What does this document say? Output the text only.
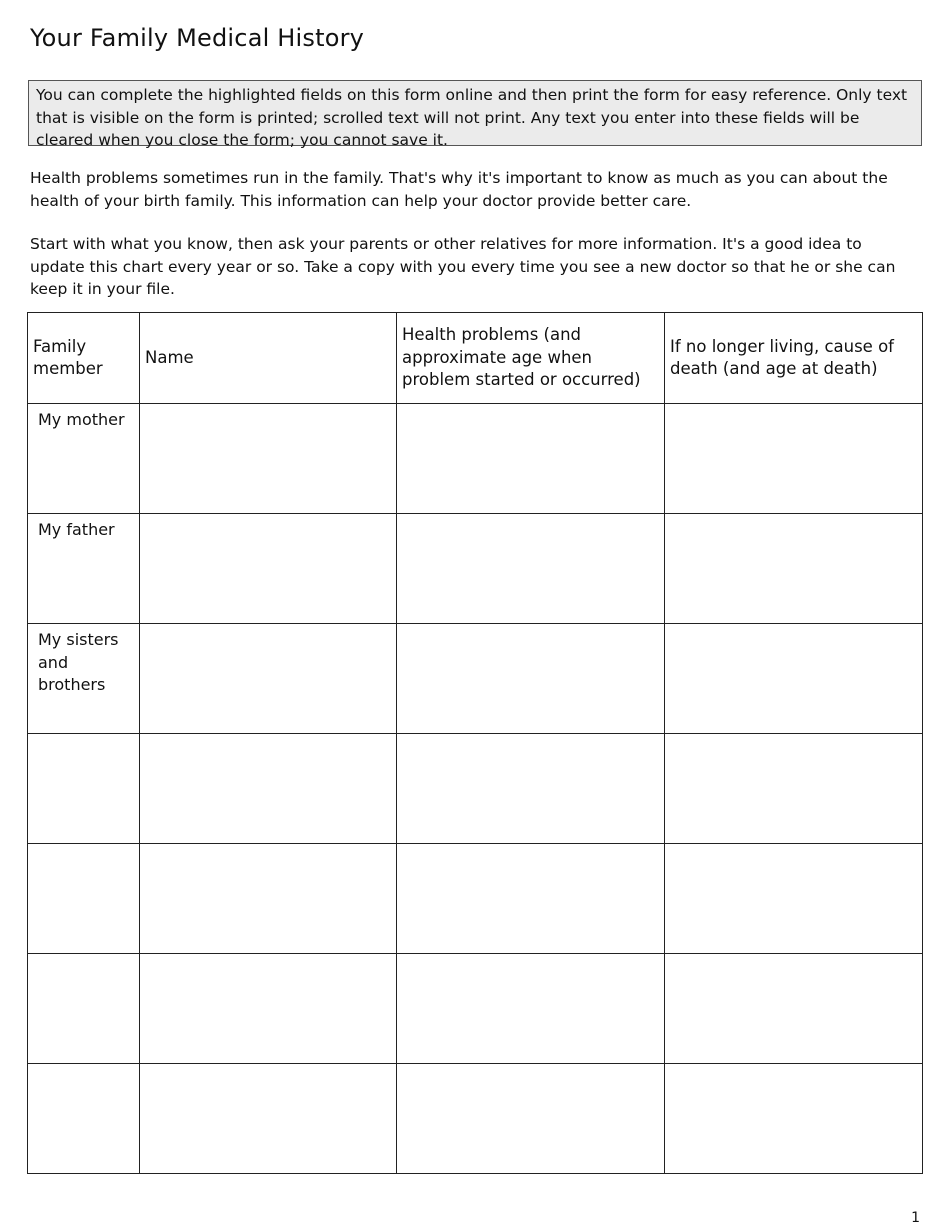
Your Family Medical History
You can complete the highlighted fields on this form online and then print the form for easy reference. Only text that is visible on the form is printed; scrolled text will not print. Any text you enter into these fields will be cleared when you close the form; you cannot save it.

Health problems sometimes run in the family. That's why it's important to know as much as you can about the health of your birth family. This information can help your doctor provide better care.

Start with what you know, then ask your parents or other relatives for more information. It's a good idea to update this chart every year or so. Take a copy with you every time you see a new doctor so that he or she can keep it in your file.

Family member	Name	Health problems (and approximate age when problem started or occurred)	If no longer living, cause of death (and age at death)
My mother			
My father			
My sisters and brothers			

1
